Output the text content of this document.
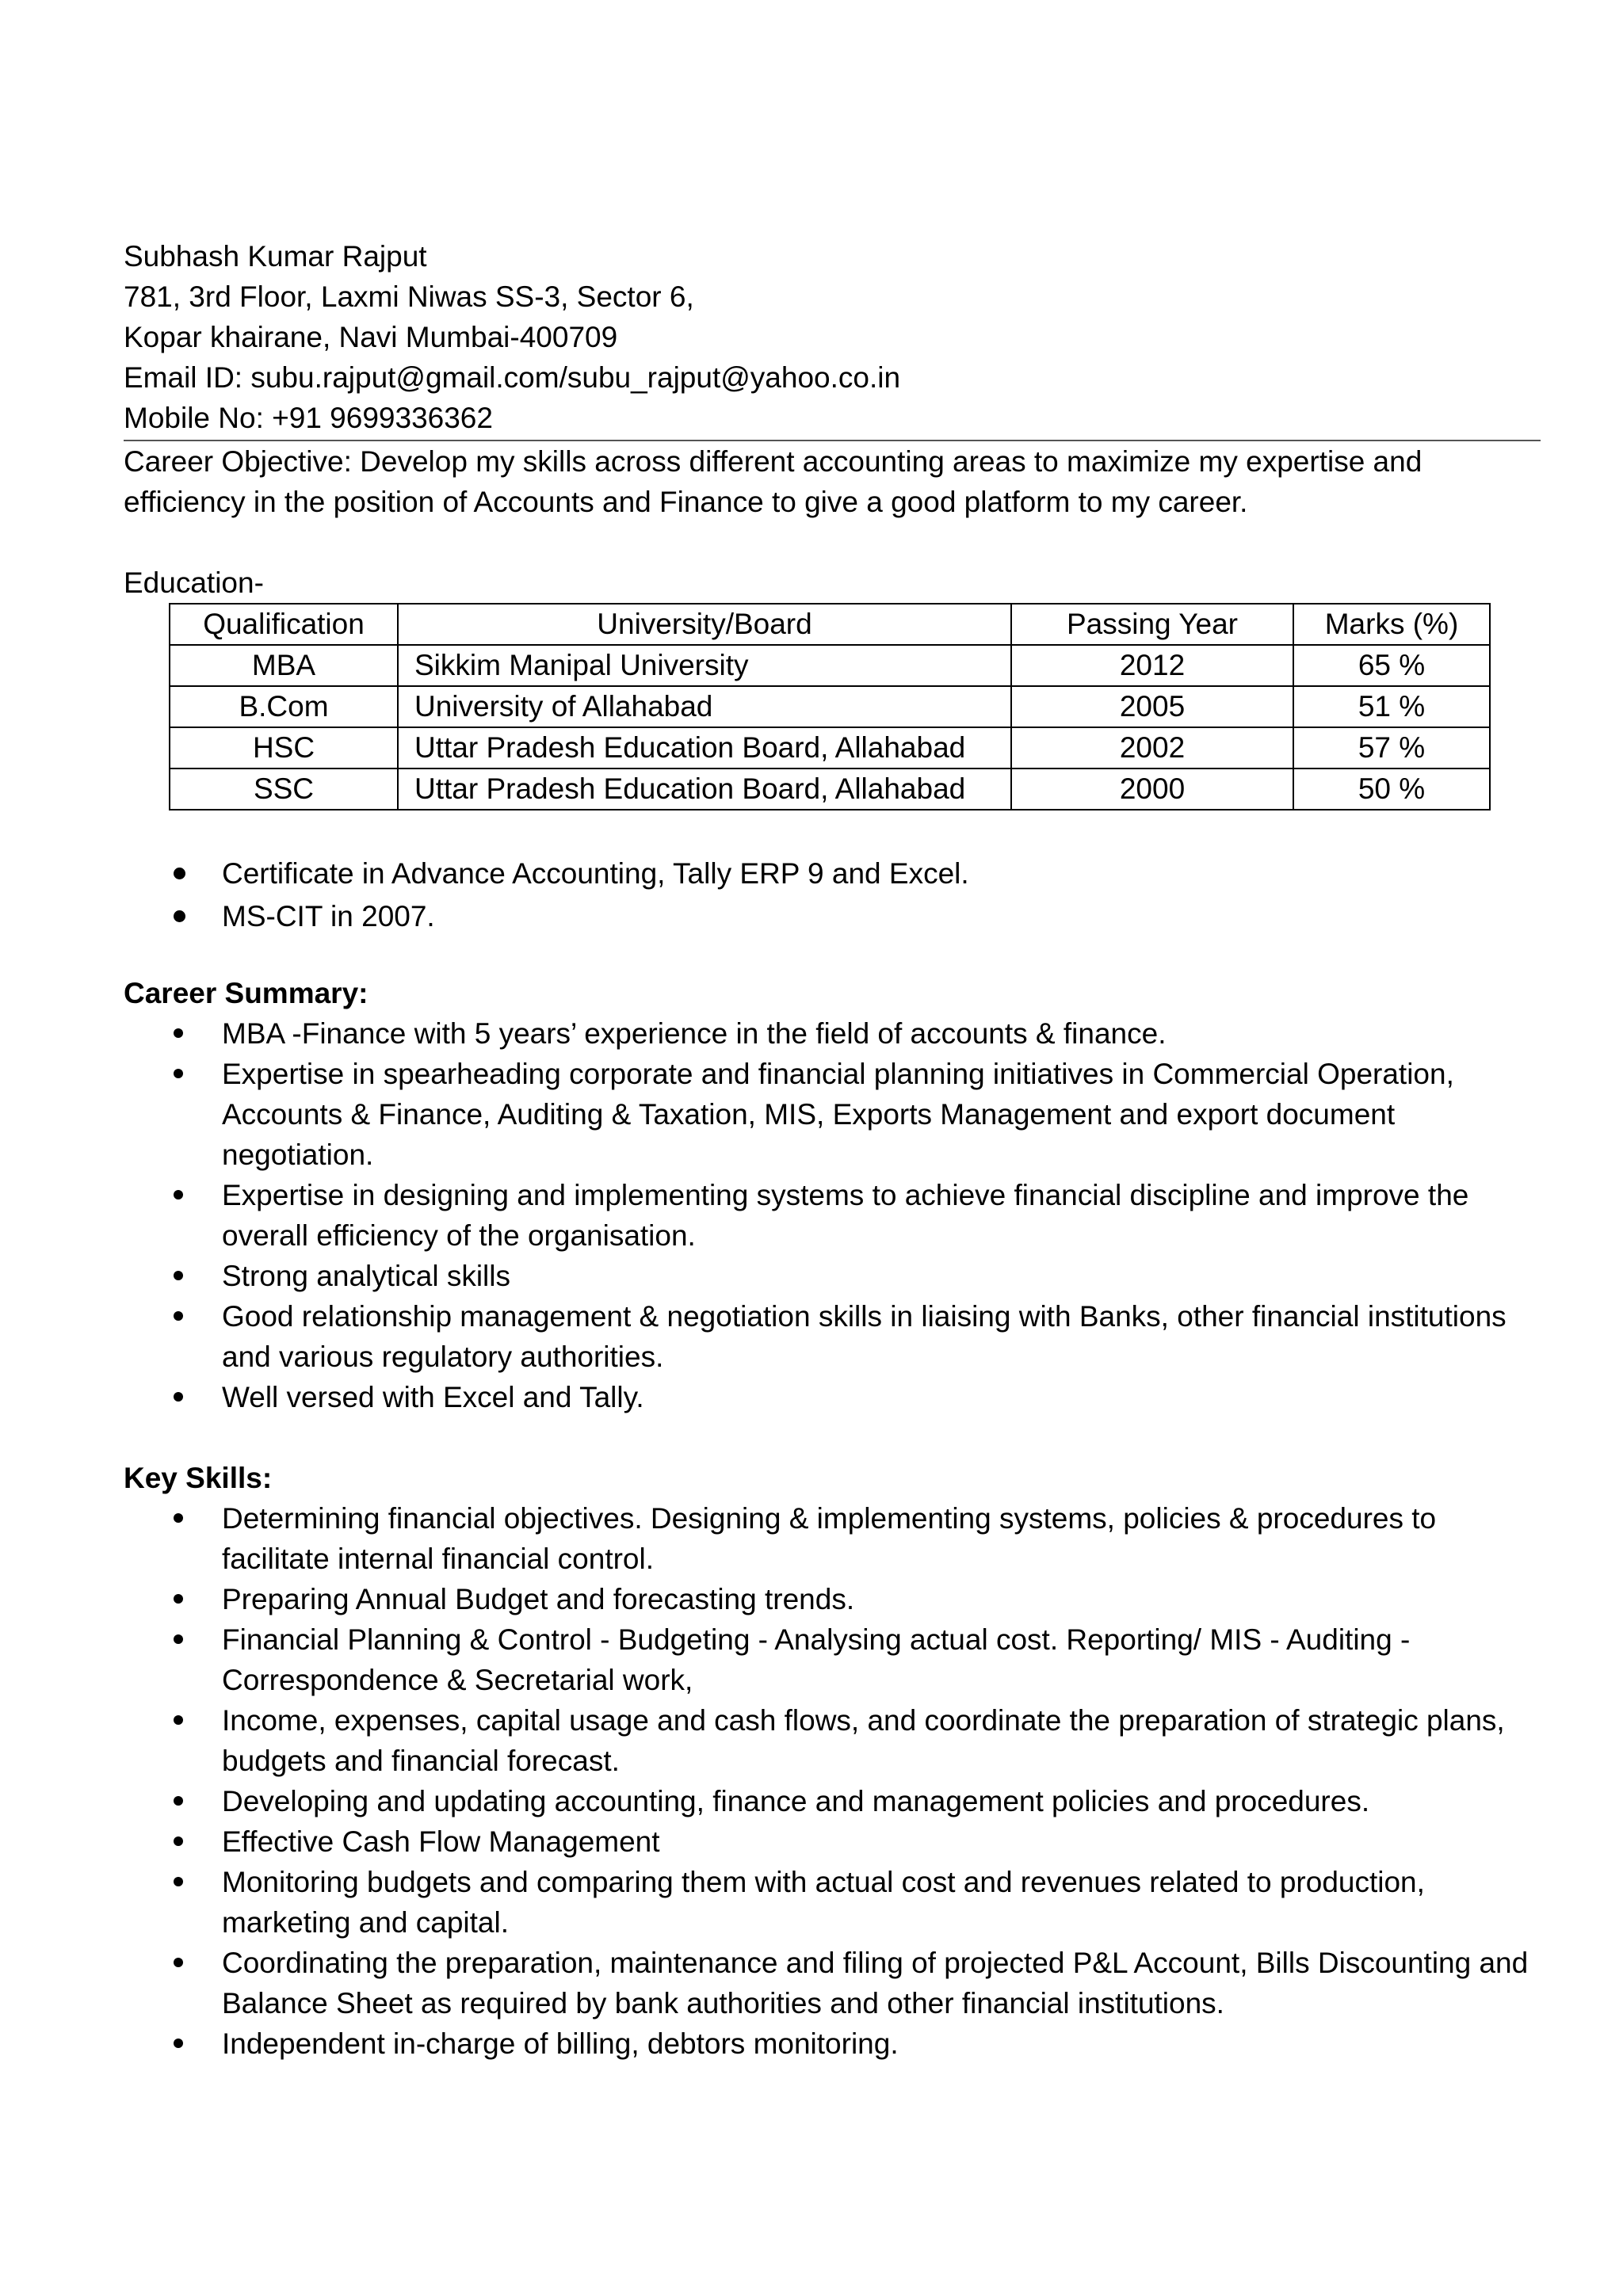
Subhash Kumar Rajput
781, 3rd Floor, Laxmi Niwas SS-3, Sector 6,
Kopar khairane, Navi Mumbai-400709
Email ID: subu.rajput@gmail.com/subu_rajput@yahoo.co.in
Mobile No: +91 9699336362

Career Objective: Develop my skills across different accounting areas to maximize my expertise and efficiency in the position of Accounts and Finance to give a good platform to my career.

Education-
Qualification	University/Board	Passing Year	Marks (%)
MBA	Sikkim Manipal University	2012	65 %
B.Com	University of Allahabad	2005	51 %
HSC	Uttar Pradesh Education Board, Allahabad	2002	57 %
SSC	Uttar Pradesh Education Board, Allahabad	2000	50 %
Certificate in Advance Accounting, Tally ERP 9 and Excel.
MS-CIT in 2007.
Career Summary:
MBA -Finance with 5 years’ experience in the field of accounts & finance.
Expertise in spearheading corporate and financial planning initiatives in Commercial Operation, Accounts & Finance, Auditing & Taxation, MIS, Exports Management and export document negotiation.
Expertise in designing and implementing systems to achieve financial discipline and improve the overall efficiency of the organisation.
Strong analytical skills
Good relationship management & negotiation skills in liaising with Banks, other financial institutions and various regulatory authorities.
Well versed with Excel and Tally.
Key Skills:
Determining financial objectives. Designing & implementing systems, policies & procedures to facilitate internal financial control.
Preparing Annual Budget and forecasting trends.
Financial Planning & Control - Budgeting - Analysing actual cost. Reporting/ MIS - Auditing - Correspondence & Secretarial work,
Income, expenses, capital usage and cash flows, and coordinate the preparation of strategic plans, budgets and financial forecast.
Developing and updating accounting, finance and management policies and procedures.
Effective Cash Flow Management
Monitoring budgets and comparing them with actual cost and revenues related to production, marketing and capital.
Coordinating the preparation, maintenance and filing of projected P&L Account, Bills Discounting and Balance Sheet as required by bank authorities and other financial institutions.
Independent in-charge of billing, debtors monitoring.
